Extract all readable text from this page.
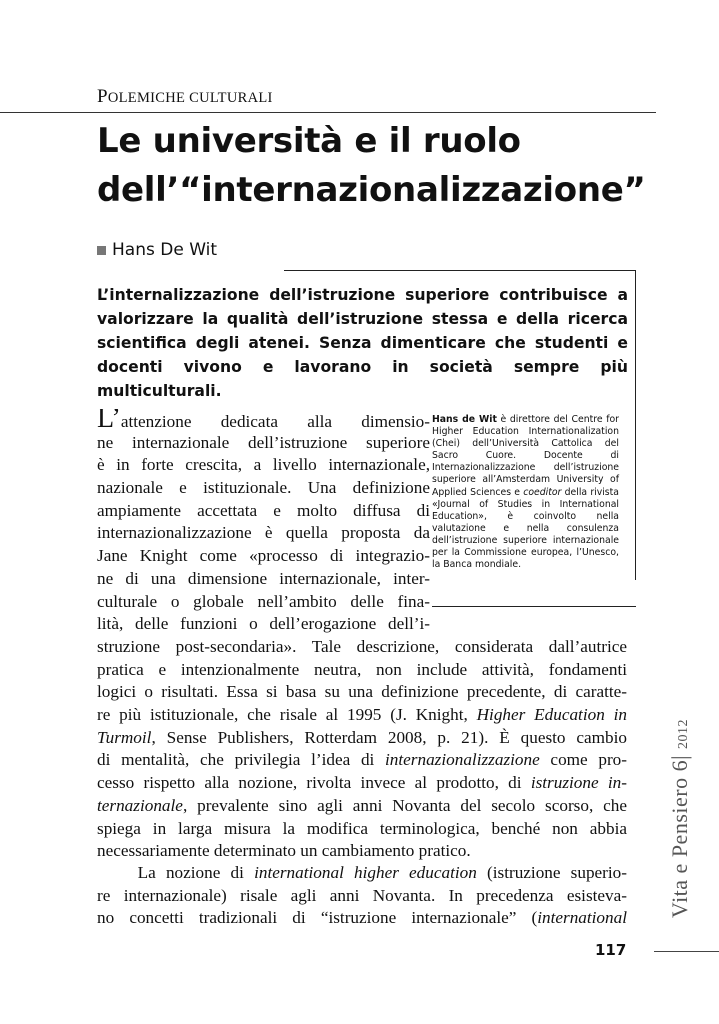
POLEMICHE CULTURALI
Le università e il ruolo
dell’“internazionalizzazione”
Hans De Wit
L’internalizzazione dell’istruzione superiore contribuisce a valorizzare la qualità dell’istruzione stessa e della ricerca scientifica degli atenei. Senza dimenticare che studenti e docenti vivono e lavorano in società sempre più multiculturali.
Hans de Wit è direttore del Centre for Higher Education Internationalization (Chei) dell’Università Cattolica del Sacro Cuore. Docente di Internazionalizzazione dell’istruzione superiore all’Amsterdam University of Applied Sciences e coeditor della rivista «Journal of Studies in International Education», è coinvolto nella valutazione e nella consulenza dell’istruzione superiore internazionale per la Commissione europea, l’Unesco, la Banca mondiale.
L’attenzione dedicata alla dimensio-
ne internazionale dell’istruzione superiore
è in forte crescita, a livello internazionale,
nazionale e istituzionale. Una definizione
ampiamente accettata e molto diffusa di
internazionalizzazione è quella proposta da
Jane Knight come «processo di integrazio-
ne di una dimensione internazionale, inter-
culturale o globale nell’ambito delle fina-
lità, delle funzioni o dell’erogazione dell’i-
struzione post-secondaria». Tale descrizione, considerata dall’autrice
pratica e intenzionalmente neutra, non include attività, fondamenti
logici o risultati. Essa si basa su una definizione precedente, di caratte-
re più istituzionale, che risale al 1995 (J. Knight, Higher Education in
Turmoil, Sense Publishers, Rotterdam 2008, p. 21). È questo cambio
di mentalità, che privilegia l’idea di internazionalizzazione come pro-
cesso rispetto alla nozione, rivolta invece al prodotto, di istruzione in-
ternazionale, prevalente sino agli anni Novanta del secolo scorso, che
spiega in larga misura la modifica terminologica, benché non abbia
necessariamente determinato un cambiamento pratico.
La nozione di international higher education (istruzione superio-
re internazionale) risale agli anni Novanta. In precedenza esisteva-
no concetti tradizionali di “istruzione internazionale” (international Vita e Pensiero 6| 2012
117
